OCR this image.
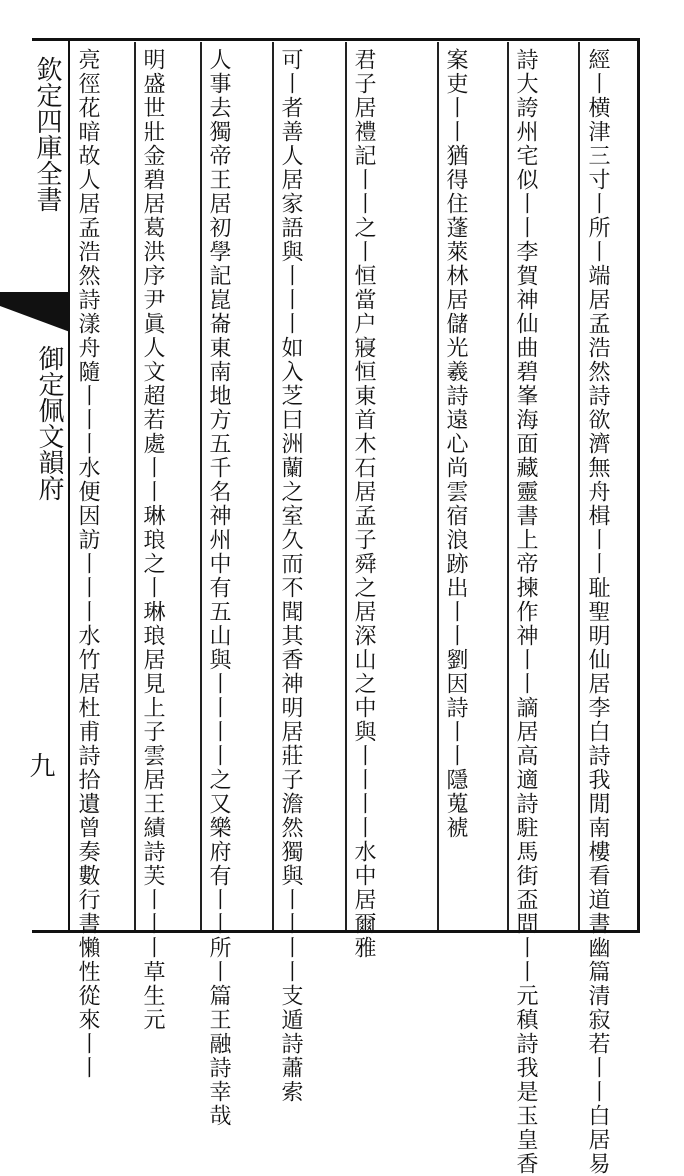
欽定四庫全書
御定佩文韻府
九	經丨横津三寸丨所丨端居孟浩然詩欲濟無舟楫丨丨耻聖明仙居李白詩我閒南樓看道書幽篇清寂若丨丨白居易
詩大誇州宅似丨丨李賀神仙曲碧峯海面藏靈書上帝揀作神丨丨謫居高適詩駐馬街盃問丨丨元稹詩我是玉皇香
案吏丨丨猶得住蓬萊林居儲光羲詩遠心尚雲宿浪跡出丨丨劉因詩丨丨隱蒐裭
君子居禮記丨丨之丨恒當户寢恒東首木石居孟子舜之居深山之中與丨丨丨丨水中居爾雅
可丨者善人居家語與丨丨丨如入芝曰洲蘭之室久而不聞其香神明居莊子澹然獨與丨丨丨丨支遁詩蕭索
人事去獨帝王居初學記崑崙東南地方五千名神州中有五山與丨丨丨丨之又樂府有丨丨所丨篇王融詩幸哉
明盛世壯金碧居葛洪序尹眞人文超若處丨丨琳琅之丨琳琅居見上子雲居王績詩芙丨丨丨草生元
亮徑花暗故人居孟浩然詩漾舟隨丨丨丨水便因訪丨丨丨水竹居杜甫詩拾遺曾奏數行書懶性從來丨丨
